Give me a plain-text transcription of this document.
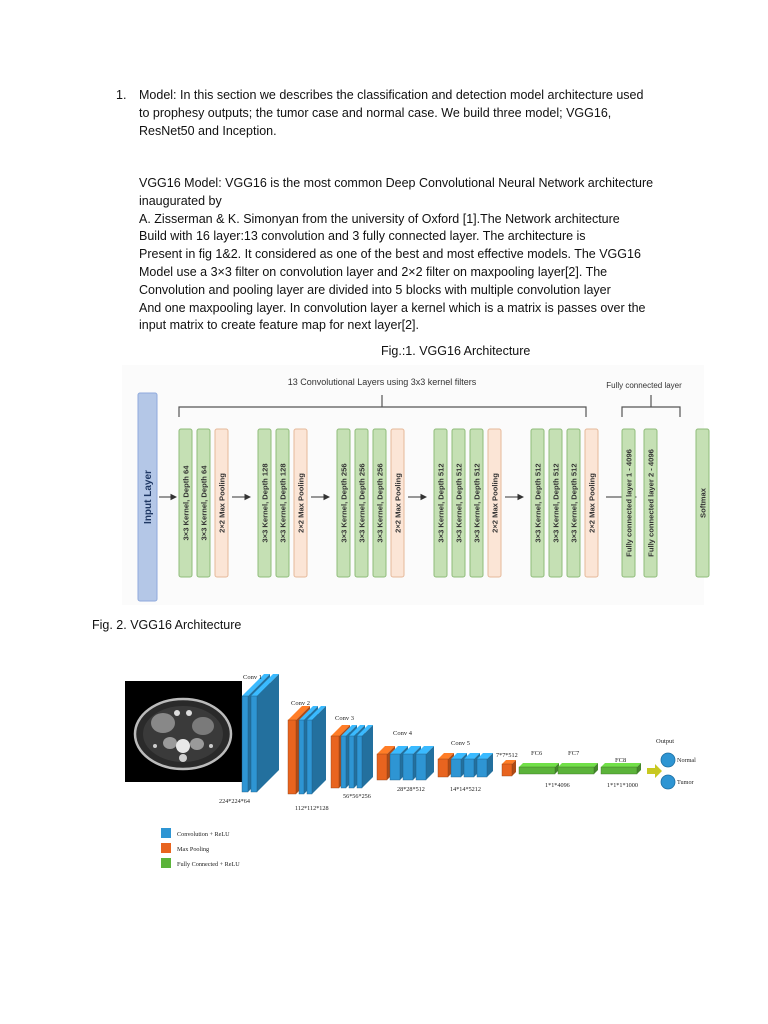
1. Model: In this section we describes the classification and detection model architecture used
to prophesy outputs; the tumor case and normal case. We build three model; VGG16,
ResNet50 and Inception.
VGG16 Model: VGG16 is the most common Deep Convolutional Neural Network architecture
inaugurated by
A. Zisserman & K. Simonyan from the university of Oxford [1].The Network architecture
Build with 16 layer:13 convolution and 3 fully connected layer. The architecture is
Present in fig 1&2. It considered as one of the best and most effective models. The VGG16
Model use a 3×3 filter on convolution layer and 2×2 filter on maxpooling layer[2]. The
Convolution and pooling layer are divided into 5 blocks with multiple convolution layer
And one maxpooling layer. In convolution layer a kernel which is a matrix is passes over the
input matrix to create feature map for next layer[2].
Fig.:1. VGG16 Architecture
13 Convolutional Layers using 3x3 kernel filters	Fully connected layer
Input Layer	3×3 Kernel, Depth 64 3×3 Kernel, Depth 64 2×2 Max Pooling	3×3 Kernel, Depth 128 3×3 Kernel, Depth 128 2×2 Max Pooling	3×3 Kernel, Depth 256 3×3 Kernel, Depth 256 3×3 Kernel, Depth 256 2×2 Max Pooling	3×3 Kernel, Depth 512 3×3 Kernel, Depth 512 3×3 Kernel, Depth 512 2×2 Max Pooling	3×3 Kernel, Depth 512 3×3 Kernel, Depth 512 3×3 Kernel, Depth 512 2×2 Max Pooling	Fully connected layer 1 - 4096 Fully connected layer 2 - 4096	Softmax
Fig. 2. VGG16 Architecture
Conv 1
Conv 2
Conv 3
Conv 4
Conv 5
224*224*64
112*112*128
56*56*256
28*28*512	14*14*5212
7*7*512
1*1*4096	1*1*1*1000
FC6	FC7
FC8
Output
Normal
Tumor
Convolution + ReLU
Max Pooling
Fully Connected + ReLU
